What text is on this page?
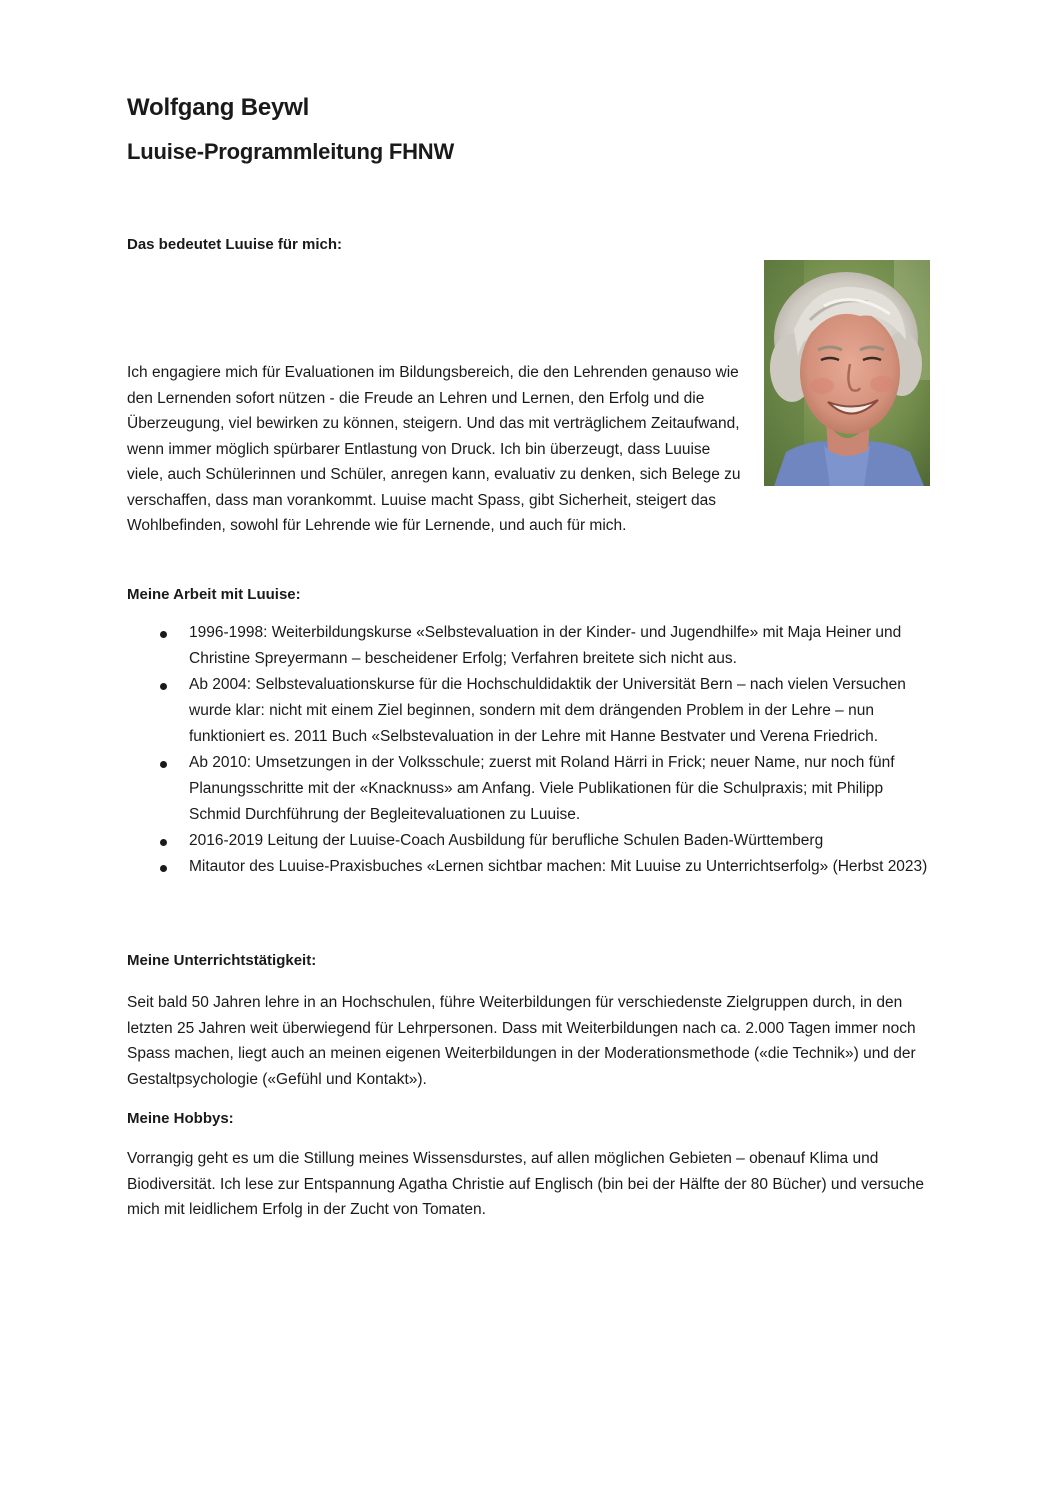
Wolfgang Beywl
Luuise-Programmleitung FHNW

Das bedeutet Luuise für mich:

Ich engagiere mich für Evaluationen im Bildungsbereich, die den Lehrenden genauso wie den Lernenden sofort nützen - die Freude an Lehren und Lernen, den Erfolg und die Überzeugung, viel bewirken zu können, steigern. Und das mit verträglichem Zeitaufwand, wenn immer möglich spürbarer Entlastung von Druck. Ich bin überzeugt, dass Luuise viele, auch Schülerinnen und Schüler, anregen kann, evaluativ zu denken, sich Belege zu verschaffen, dass man vorankommt. Luuise macht Spass, gibt Sicherheit, steigert das Wohlbefinden, sowohl für Lehrende wie für Lernende, und auch für mich.

Meine Arbeit mit Luuise:

1996-1998: Weiterbildungskurse «Selbstevaluation in der Kinder- und Jugendhilfe» mit Maja Heiner und Christine Spreyermann – bescheidener Erfolg; Verfahren breitete sich nicht aus.
Ab 2004: Selbstevaluationskurse für die Hochschuldidaktik der Universität Bern – nach vielen Versuchen wurde klar: nicht mit einem Ziel beginnen, sondern mit dem drängenden Problem in der Lehre – nun funktioniert es. 2011 Buch «Selbstevaluation in der Lehre mit Hanne Bestvater und Verena Friedrich.
Ab 2010: Umsetzungen in der Volksschule; zuerst mit Roland Härri in Frick; neuer Name, nur noch fünf Planungsschritte mit der «Knacknuss» am Anfang. Viele Publikationen für die Schulpraxis; mit Philipp Schmid Durchführung der Begleitevaluationen zu Luuise.
2016-2019 Leitung der Luuise-Coach Ausbildung für berufliche Schulen Baden-Württemberg
Mitautor des Luuise-Praxisbuches «Lernen sichtbar machen: Mit Luuise zu Unterrichtserfolg» (Herbst 2023)

Meine Unterrichtstätigkeit:

Seit bald 50 Jahren lehre in an Hochschulen, führe Weiterbildungen für verschiedenste Zielgruppen durch, in den letzten 25 Jahren weit überwiegend für Lehrpersonen. Dass mit Weiterbildungen nach ca. 2.000 Tagen immer noch Spass machen, liegt auch an meinen eigenen Weiterbildungen in der Moderationsmethode («die Technik») und der Gestaltpsychologie («Gefühl und Kontakt»).

Meine Hobbys:

Vorrangig geht es um die Stillung meines Wissensdurstes, auf allen möglichen Gebieten – obenauf Klima und Biodiversität. Ich lese zur Entspannung Agatha Christie auf Englisch (bin bei der Hälfte der 80 Bücher) und versuche mich mit leidlichem Erfolg in der Zucht von Tomaten.
